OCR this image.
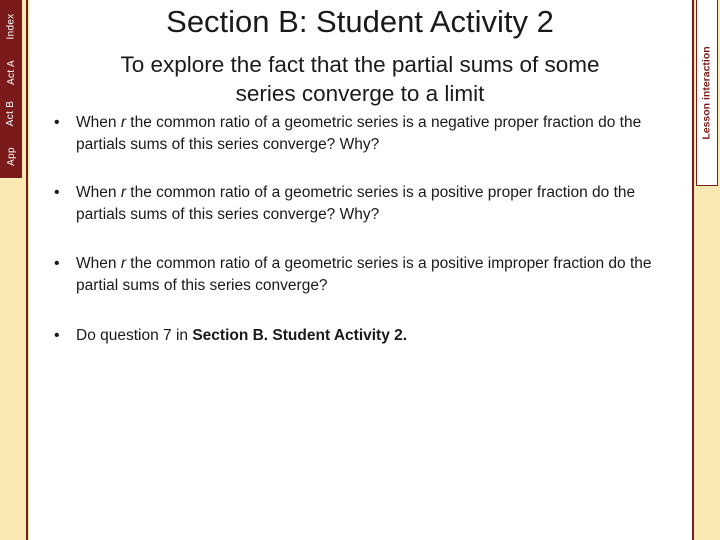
Index
Act A
Act B
App
Lesson interaction
Section B: Student Activity 2
To explore the fact that the partial sums of some
series converge to a limit
• When r the common ratio of a geometric series is a negative proper fraction do the partials sums of this series converge? Why?
• When r the common ratio of a geometric series is a positive proper fraction do the partials sums of this series converge? Why?
• When r the common ratio of a geometric series is a positive improper fraction do the partial sums of this series converge?
• Do question 7 in Section B. Student Activity 2.
